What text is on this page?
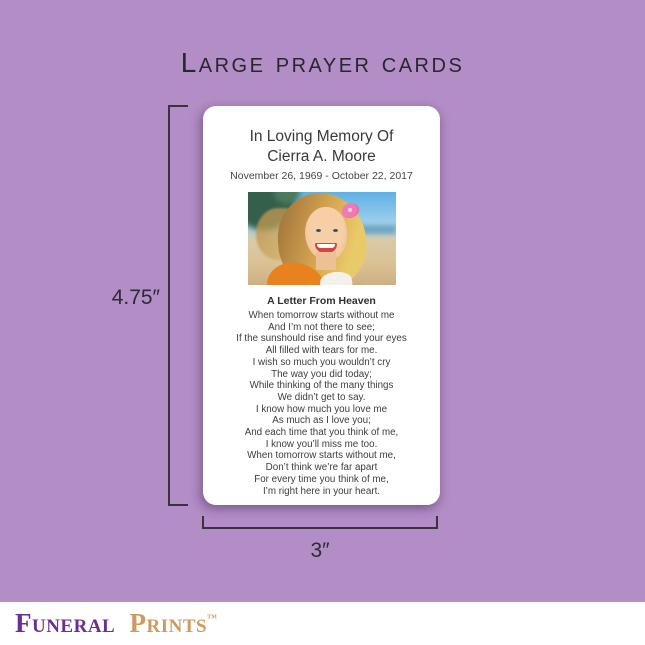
Large prayer cards
4.75″
3″
In Loving Memory Of
Cierra A. Moore
November 26, 1969 - October 22, 2017
A Letter From Heaven
When tomorrow starts without me
And I’m not there to see;
If the sunshould rise and find your eyes
All filled with tears for me.
I wish so much you wouldn’t cry
The way you did today;
While thinking of the many things
We didn’t get to say.
I know how much you love me
As much as I love you;
And each time that you think of me,
I know you’ll miss me too.
When tomorrow starts without me,
Don’t think we’re far apart
For every time you think of me,
I’m right here in your heart.
Funeral Prints™
